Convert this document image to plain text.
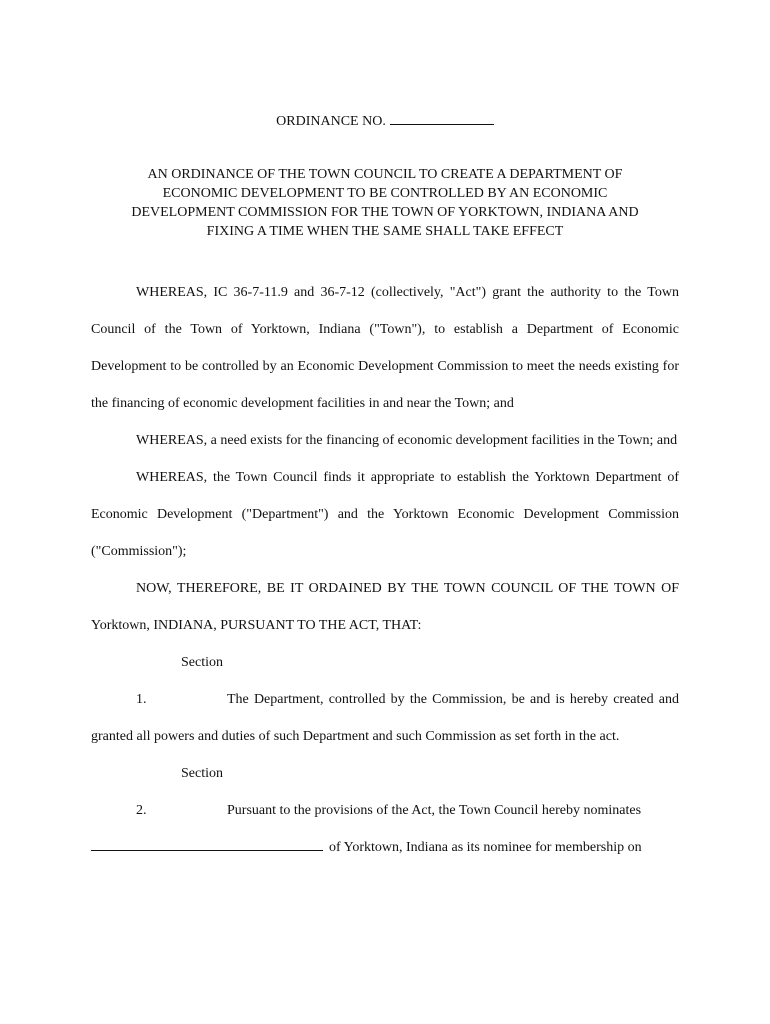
ORDINANCE NO.
AN ORDINANCE OF THE TOWN COUNCIL TO CREATE A DEPARTMENT OF
ECONOMIC DEVELOPMENT TO BE CONTROLLED BY AN ECONOMIC
DEVELOPMENT COMMISSION FOR THE TOWN OF YORKTOWN, INDIANA AND
FIXING A TIME WHEN THE SAME SHALL TAKE EFFECT

WHEREAS, IC 36-7-11.9 and 36-7-12 (collectively, "Act") grant the authority to the Town Council of the Town of Yorktown, Indiana ("Town"), to establish a Department of Economic Development to be controlled by an Economic Development Commission to meet the needs existing for the financing of economic development facilities in and near the Town; and

WHEREAS, a need exists for the financing of economic development facilities in the Town; and

WHEREAS, the Town Council finds it appropriate to establish the Yorktown Department of Economic Development ("Department") and the Yorktown Economic Development Commission ("Commission");

NOW, THEREFORE, BE IT ORDAINED BY THE TOWN COUNCIL OF THE TOWN OF Yorktown, INDIANA, PURSUANT TO THE ACT, THAT:

Section 1.	The Department, controlled by the Commission, be and is hereby created and granted all powers and duties of such Department and such Commission as set forth in the act.

Section 2.	Pursuant to the provisions of the Act, the Town Council hereby nominates

of Yorktown, Indiana as its nominee for membership on
